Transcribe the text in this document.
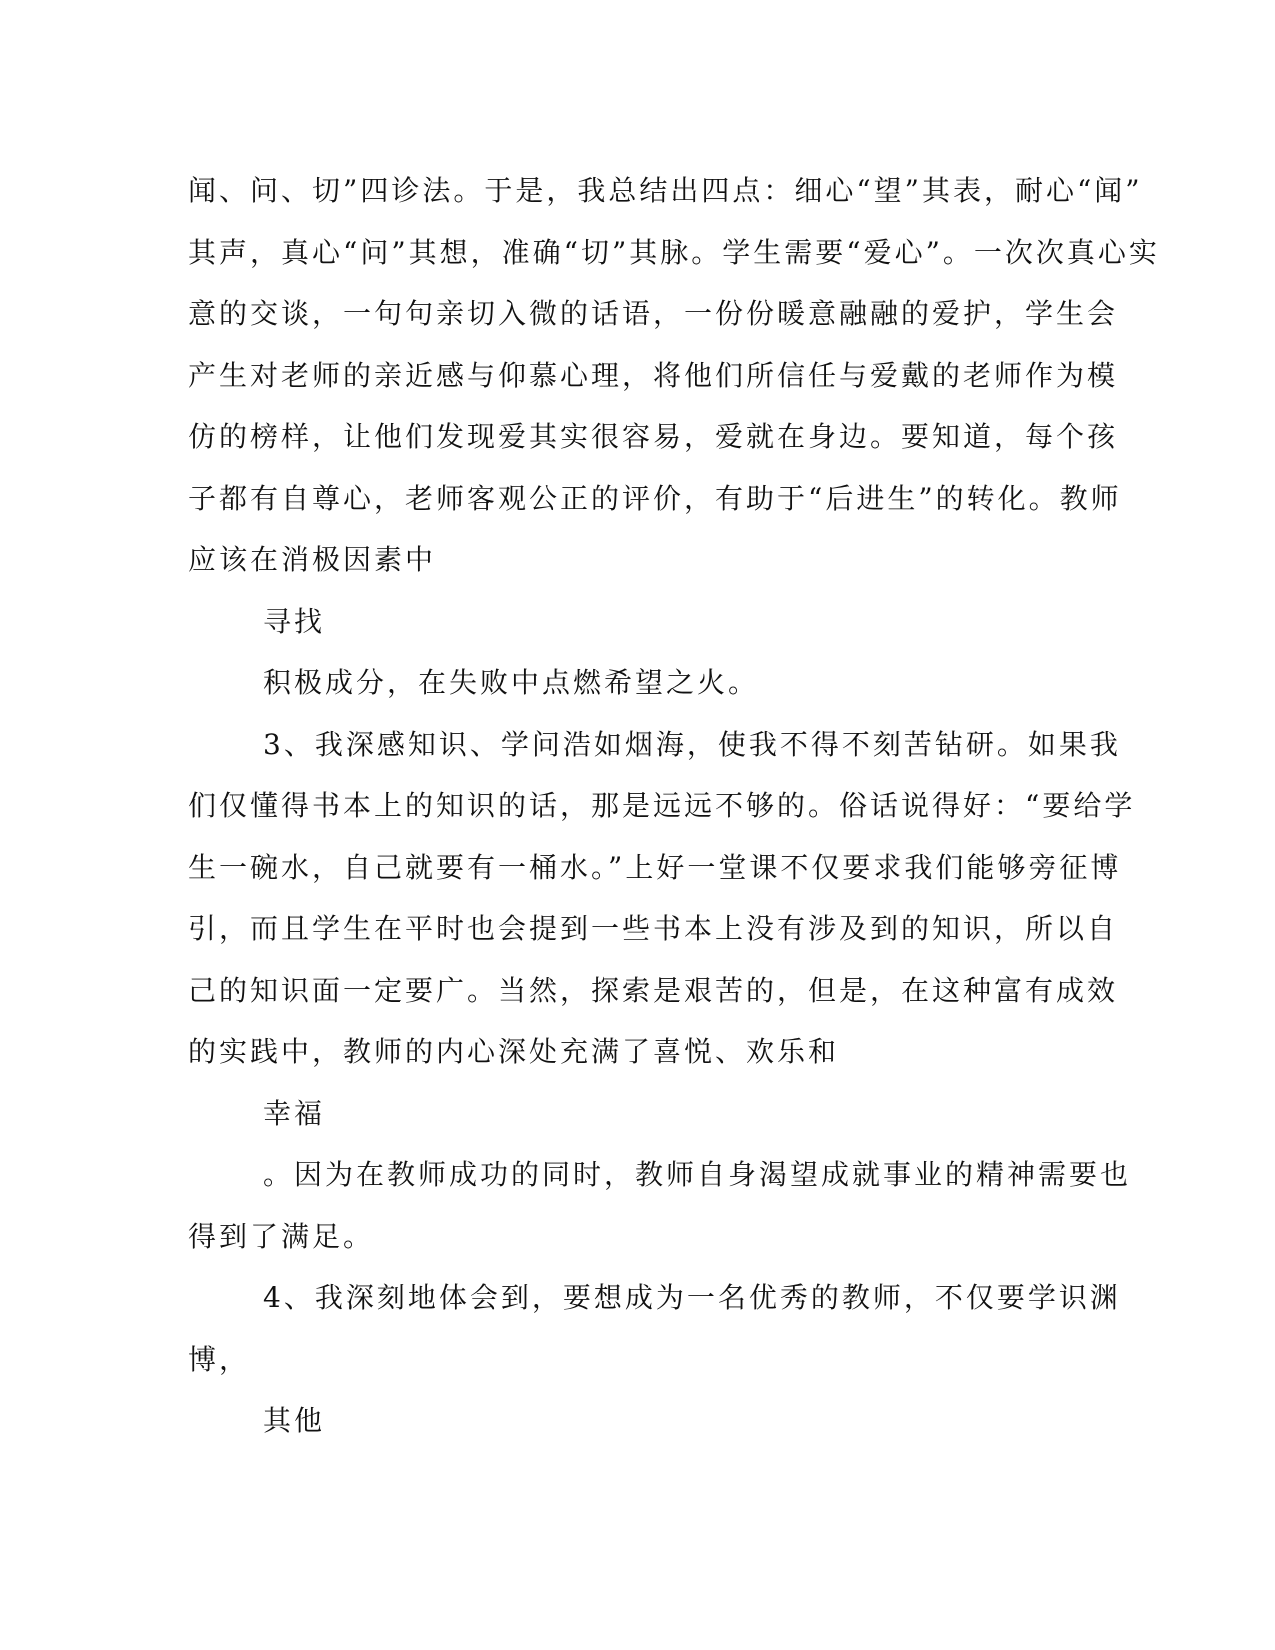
闻、问、切”四诊法。于是，我总结出四点：细心“望”其表，耐心“闻”
其声，真心“问”其想，准确“切”其脉。学生需要“爱心”。一次次真心实
意的交谈，一句句亲切入微的话语，一份份暖意融融的爱护，学生会
产生对老师的亲近感与仰慕心理，将他们所信任与爱戴的老师作为模
仿的榜样，让他们发现爱其实很容易，爱就在身边。要知道，每个孩
子都有自尊心，老师客观公正的评价，有助于“后进生”的转化。教师
应该在消极因素中
寻找
积极成分，在失败中点燃希望之火。
3、我深感知识、学问浩如烟海，使我不得不刻苦钻研。如果我
们仅懂得书本上的知识的话，那是远远不够的。俗话说得好：“要给学
生一碗水，自己就要有一桶水。”上好一堂课不仅要求我们能够旁征博
引，而且学生在平时也会提到一些书本上没有涉及到的知识，所以自
己的知识面一定要广。当然，探索是艰苦的，但是，在这种富有成效
的实践中，教师的内心深处充满了喜悦、欢乐和
幸福
。因为在教师成功的同时，教师自身渴望成就事业的精神需要也
得到了满足。
4、我深刻地体会到，要想成为一名优秀的教师，不仅要学识渊
博，
其他
